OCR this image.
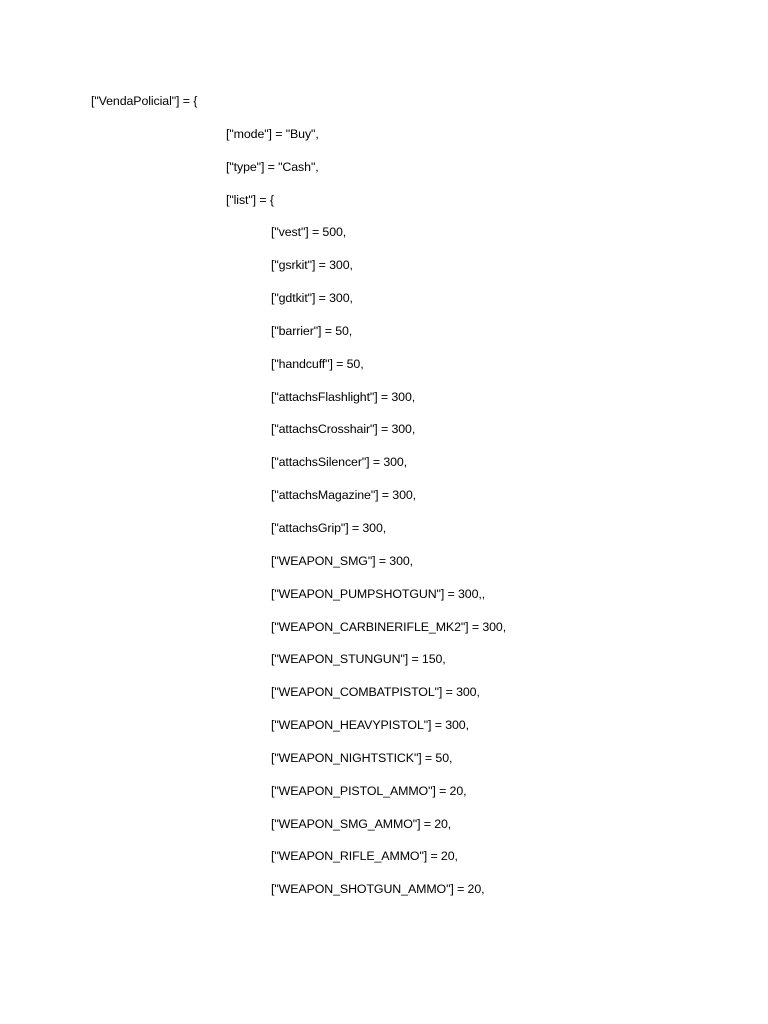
["VendaPolicial"] = {
["mode"] = "Buy",
["type"] = "Cash",
["list"] = {
["vest"] = 500,
["gsrkit"] = 300,
["gdtkit"] = 300,
["barrier"] = 50,
["handcuff"] = 50,
["attachsFlashlight"] = 300,
["attachsCrosshair"] = 300,
["attachsSilencer"] = 300,
["attachsMagazine"] = 300,
["attachsGrip"] = 300,
["WEAPON_SMG"] = 300,
["WEAPON_PUMPSHOTGUN"] = 300,,
["WEAPON_CARBINERIFLE_MK2"] = 300,
["WEAPON_STUNGUN"] = 150,
["WEAPON_COMBATPISTOL"] = 300,
["WEAPON_HEAVYPISTOL"] = 300,
["WEAPON_NIGHTSTICK"] = 50,
["WEAPON_PISTOL_AMMO"] = 20,
["WEAPON_SMG_AMMO"] = 20,
["WEAPON_RIFLE_AMMO"] = 20,
["WEAPON_SHOTGUN_AMMO"] = 20,
